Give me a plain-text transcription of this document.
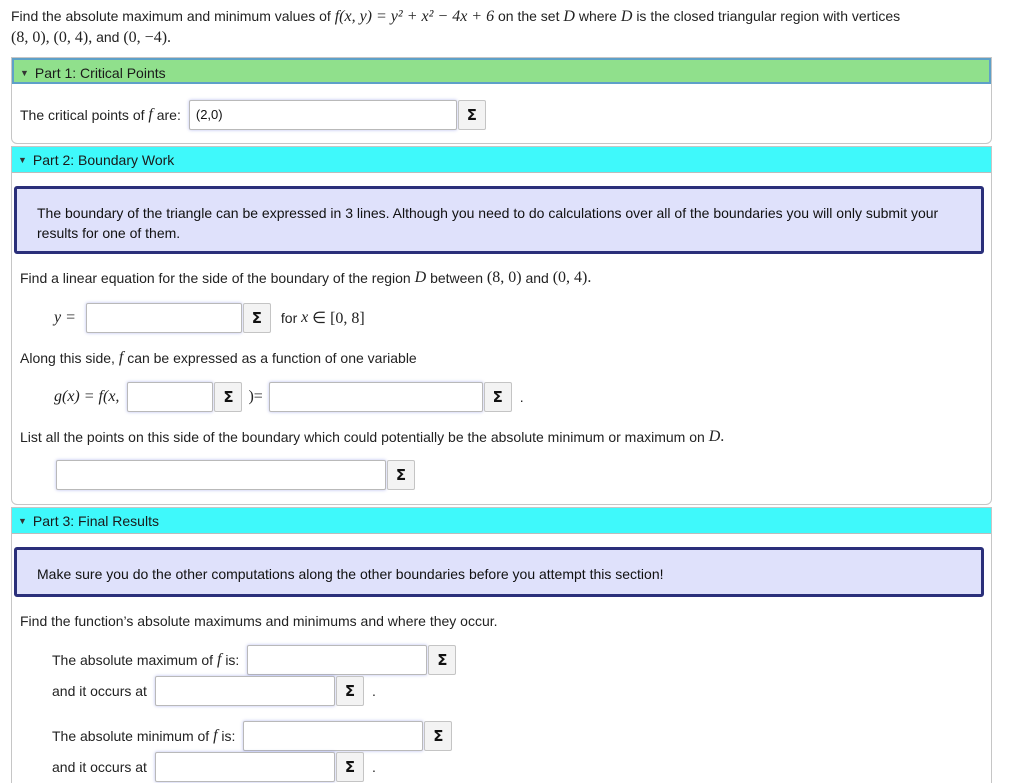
Find the absolute maximum and minimum values of f(x, y) = y² + x² − 4x + 6 on the set D where D is the closed triangular region with vertices
(8, 0), (0, 4), and (0, −4).
▼ Part 1: Critical Points
The critical points of
f
are:	(2,0)	Σ
▼ Part 2: Boundary Work
The boundary of the triangle can be expressed in 3 lines. Although you need to do calculations over all of the boundaries you will only submit your results for one of them.
Find a linear equation for the side of the boundary of the region
D
between
(8, 0)
and
(0, 4) .
y =	Σ	for
x
∈ [0, 8]
Along this side,
f
can be expressed as a function of one variable
g(x) = f(x,	Σ )=	Σ	.
List all the points on this side of the boundary which could potentially be the absolute minimum or maximum on
D .
Σ
▼ Part 3: Final Results
Make sure you do the other computations along the other boundaries before you attempt this section!
Find the function’s absolute maximums and minimums and where they occur.
The absolute maximum of
f
is:	Σ
and it occurs at	Σ	.
The absolute minimum of
f
is:	Σ
and it occurs at	Σ	.
